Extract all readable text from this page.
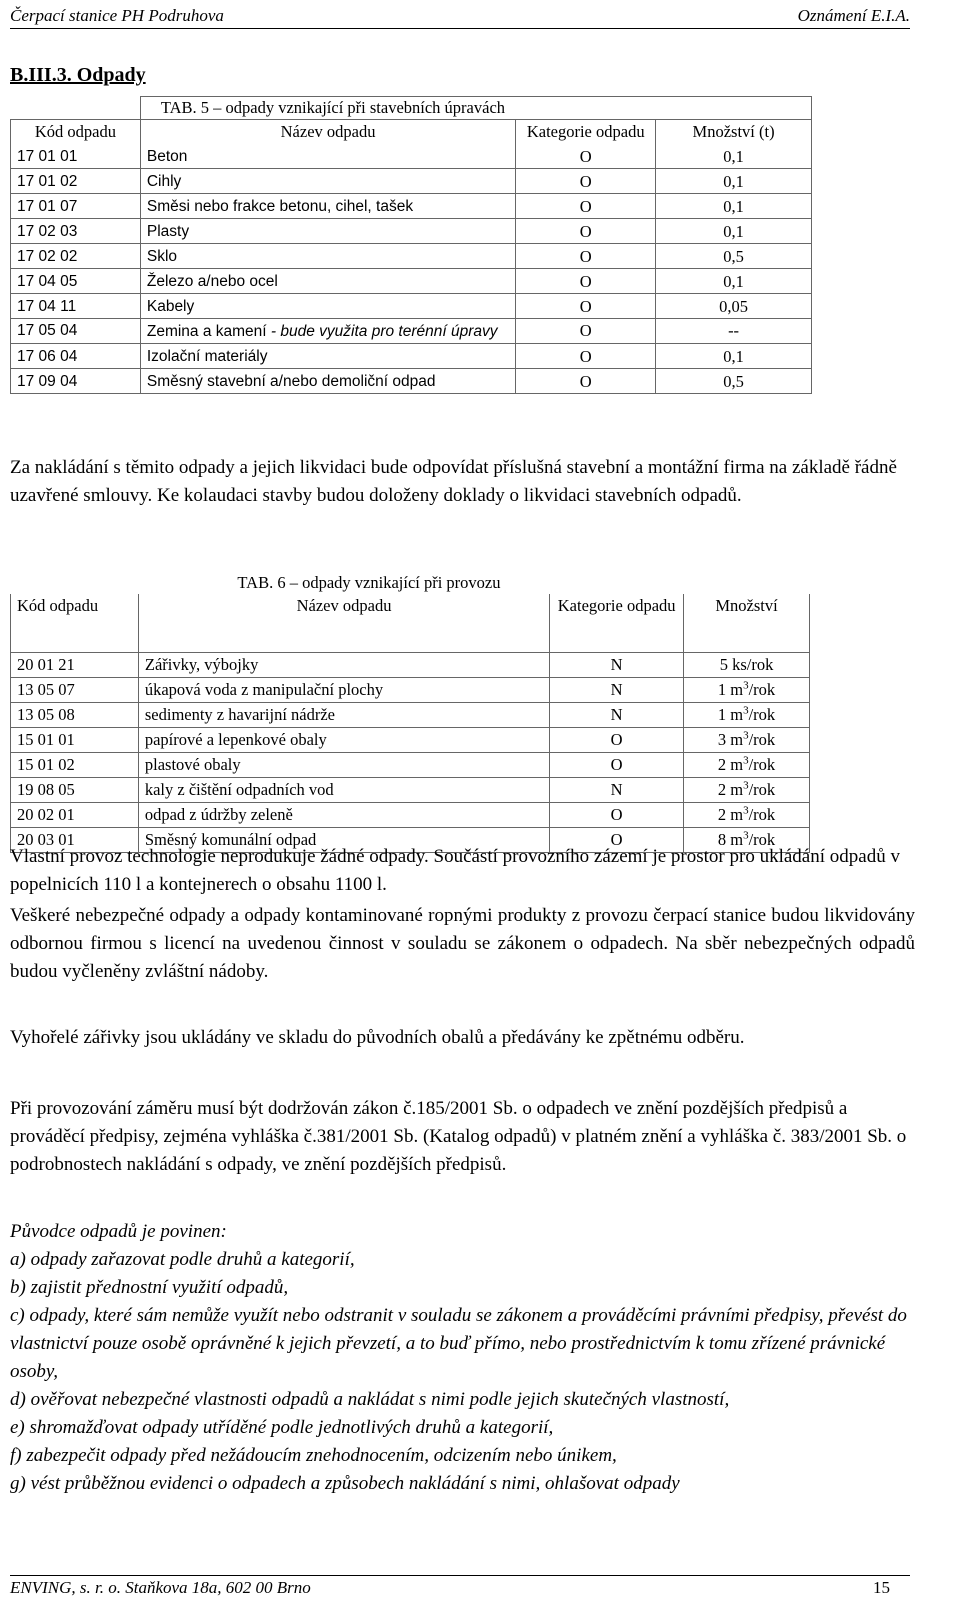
Čerpací stanice PH Podruhova	Oznámení E.I.A.
B.III.3. Odpady
	TAB. 5 – odpady vznikající při stavebních úpravách		
Kód odpadu	Název odpadu	Kategorie odpadu	Množství (t)
17 01 01	Beton	O	0,1
17 01 02	Cihly	O	0,1
17 01 07	Směsi nebo frakce betonu, cihel, tašek	O	0,1
17 02 03	Plasty	O	0,1
17 02 02	Sklo	O	0,5
17 04 05	Železo a/nebo ocel	O	0,1
17 04 11	Kabely	O	0,05
17 05 04	Zemina a kamení - bude využita pro terénní úpravy	O	--
17 06 04	Izolační materiály	O	0,1
17 09 04	Směsný stavební a/nebo demoliční odpad	O	0,5
Za nakládání s těmito odpady a jejich likvidaci bude odpovídat příslušná stavební a montážní firma na základě řádně uzavřené smlouvy. Ke kolaudaci stavby budou doloženy doklady o likvidaci stavebních odpadů.
	TAB. 6 – odpady vznikající při provozu		
Kód odpadu	Název odpadu	Kategorie odpadu	Množství
20 01 21	Zářivky, výbojky	N	5 ks/rok
13 05 07	úkapová voda z manipulační plochy	N	1 $m^3$/rok
13 05 08	sedimenty z havarijní nádrže	N	1 $m^3$/rok
15 01 01	papírové a lepenkové obaly	O	3 $m^3$/rok
15 01 02	plastové obaly	O	2 $m^3$/rok
19 08 05	kaly z čištění odpadních vod	N	2 $m^3$/rok
20 02 01	odpad z údržby zeleně	O	2 $m^3$/rok
20 03 01	Směsný komunální odpad	O	8 $m^3$/rok
Vlastní provoz technologie neprodukuje žádné odpady. Součástí provozního zázemí je prostor pro ukládání odpadů v popelnicích 110 l a kontejnerech o obsahu 1100 l.
Veškeré nebezpečné odpady a odpady kontaminované ropnými produkty z provozu čerpací stanice budou likvidovány odbornou firmou s licencí na uvedenou činnost v souladu se zákonem o odpadech. Na sběr nebezpečných odpadů budou vyčleněny zvláštní nádoby.
Vyhořelé zářivky jsou ukládány ve skladu do původních obalů a předávány ke zpětnému odběru.
Při provozování záměru musí být dodržován zákon č.185/2001 Sb. o odpadech ve znění pozdějších předpisů a prováděcí předpisy, zejména vyhláška č.381/2001 Sb. (Katalog odpadů) v platném znění a vyhláška č. 383/2001 Sb. o podrobnostech nakládání s odpady, ve znění pozdějších předpisů.
Původce odpadů je povinen:
a) odpady zařazovat podle druhů a kategorií,
b) zajistit přednostní využití odpadů,
c) odpady, které sám nemůže využít nebo odstranit v souladu se zákonem a prováděcími právními předpisy, převést do vlastnictví pouze osobě oprávněné k jejich převzetí, a to buď přímo, nebo prostřednictvím k tomu zřízené právnické osoby,
d) ověřovat nebezpečné vlastnosti odpadů a nakládat s nimi podle jejich skutečných vlastností,
e) shromažďovat odpady utříděné podle jednotlivých druhů a kategorií,
f) zabezpečit odpady před nežádoucím znehodnocením, odcizením nebo únikem,
g) vést průběžnou evidenci o odpadech a způsobech nakládání s nimi, ohlašovat odpady
ENVING, s. r. o. Staňkova 18a, 602 00 Brno	15
